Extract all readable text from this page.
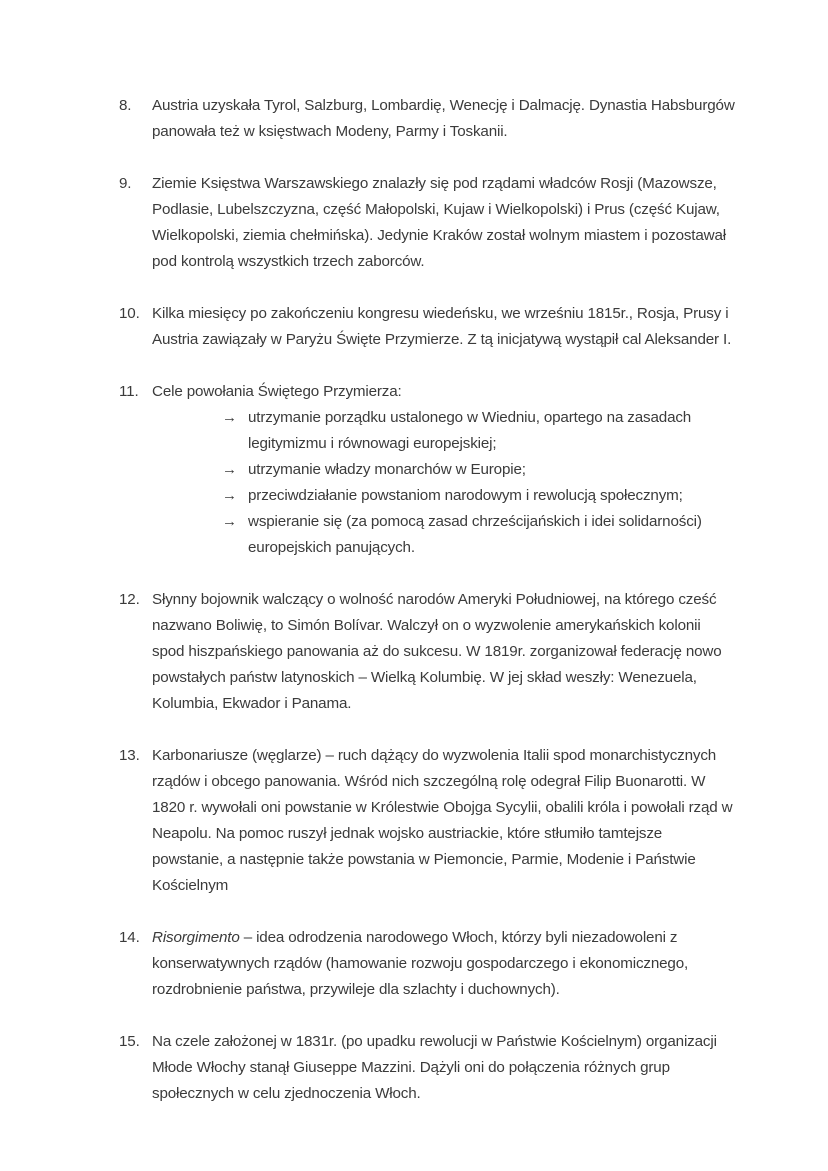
8.	Austria uzyskała Tyrol, Salzburg, Lombardię, Wenecję i Dalmację. Dynastia Habsburgów panowała też w księstwach Modeny, Parmy i Toskanii.

9.	Ziemie Księstwa Warszawskiego znalazły się pod rządami władców Rosji (Mazowsze, Podlasie, Lubelszczyzna, część Małopolski, Kujaw i Wielkopolski) i Prus (część Kujaw, Wielkopolski, ziemia chełmińska). Jedynie Kraków został wolnym miastem i pozostawał pod kontrolą wszystkich trzech zaborców.

10. Kilka miesięcy po zakończeniu kongresu wiedeńsku, we wrześniu 1815r., Rosja, Prusy i Austria zawiązały w Paryżu Święte Przymierze. Z tą inicjatywą wystąpił cal Aleksander I.

11. Cele powołania Świętego Przymierza:

→ utrzymanie porządku ustalonego w Wiedniu, opartego na zasadach legitymizmu i równowagi europejskiej;
→ utrzymanie władzy monarchów w Europie;
→ przeciwdziałanie powstaniom narodowym i rewolucją społecznym;
→ wspieranie się (za pomocą zasad chrześcijańskich i idei solidarności) europejskich panujących.
12. Słynny bojownik walczący o wolność narodów Ameryki Południowej, na którego cześć nazwano Boliwię, to Simón Bolívar. Walczył on o wyzwolenie amerykańskich kolonii spod hiszpańskiego panowania aż do sukcesu. W 1819r. zorganizował federację nowo powstałych państw latynoskich – Wielką Kolumbię. W jej skład weszły: Wenezuela, Kolumbia, Ekwador i Panama.

13. Karbonariusze (węglarze) – ruch dążący do wyzwolenia Italii spod monarchistycznych rządów i obcego panowania. Wśród nich szczególną rolę odegrał Filip Buonarotti. W 1820 r. wywołali oni powstanie w Królestwie Obojga Sycylii, obalili króla i powołali rząd w Neapolu. Na pomoc ruszył jednak wojsko austriackie, które stłumiło tamtejsze powstanie, a następnie także powstania w Piemoncie, Parmie, Modenie i Państwie Kościelnym

14. Risorgimento – idea odrodzenia narodowego Włoch, którzy byli niezadowoleni z konserwatywnych rządów (hamowanie rozwoju gospodarczego i ekonomicznego, rozdrobnienie państwa, przywileje dla szlachty i duchownych).

15. Na czele założonej w 1831r. (po upadku rewolucji w Państwie Kościelnym) organizacji Młode Włochy stanął Giuseppe Mazzini. Dążyli oni do połączenia różnych grup społecznych w celu zjednoczenia Włoch.
